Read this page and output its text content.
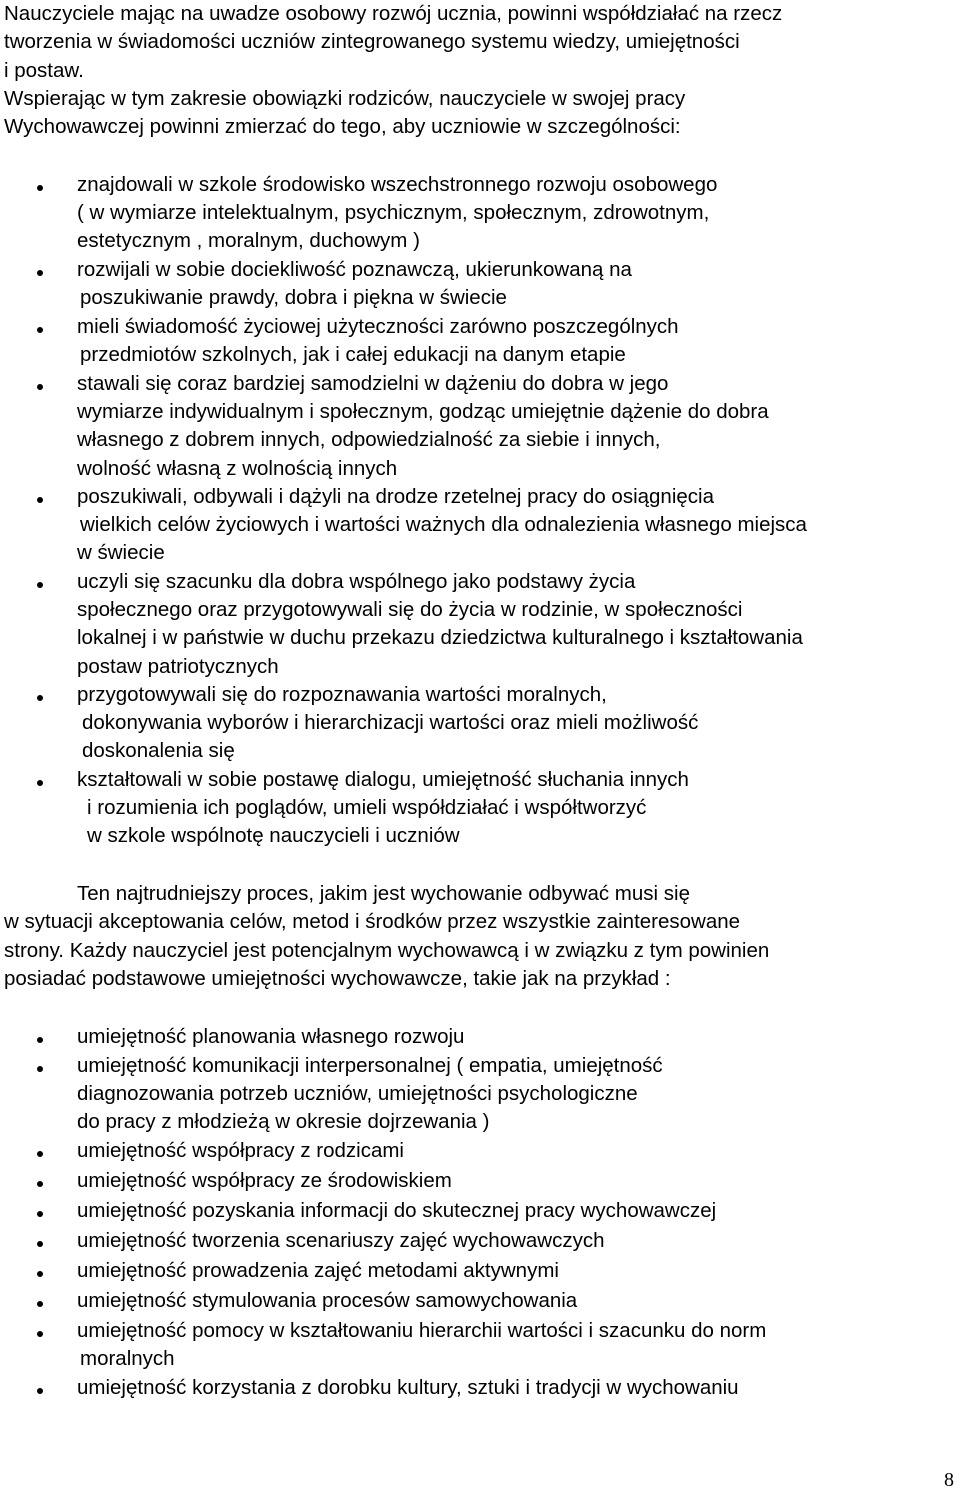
Nauczyciele mając na uwadze osobowy rozwój ucznia, powinni współdziałać na rzecz
tworzenia w świadomości uczniów zintegrowanego systemu wiedzy, umiejętności
i postaw.
Wspierając w tym zakresie obowiązki rodziców, nauczyciele w swojej pracy
Wychowawczej powinni zmierzać do tego, aby uczniowie w szczególności:
znajdowali w szkole środowisko wszechstronnego rozwoju osobowego
( w wymiarze intelektualnym, psychicznym, społecznym, zdrowotnym,
estetycznym , moralnym, duchowym )
rozwijali w sobie dociekliwość poznawczą, ukierunkowaną na
poszukiwanie prawdy, dobra i piękna w świecie
mieli świadomość życiowej użyteczności zarówno poszczególnych
przedmiotów szkolnych, jak i całej edukacji na danym etapie
stawali się coraz bardziej samodzielni w dążeniu do dobra w jego
wymiarze indywidualnym i społecznym, godząc umiejętnie dążenie do dobra
własnego z dobrem innych, odpowiedzialność za siebie i innych,
wolność własną z wolnością innych
poszukiwali, odbywali i dążyli na drodze rzetelnej pracy do osiągnięcia
wielkich celów życiowych i wartości ważnych dla odnalezienia własnego miejsca
w świecie
uczyli się szacunku dla dobra wspólnego jako podstawy życia
społecznego oraz przygotowywali się do życia w rodzinie, w społeczności
lokalnej i w państwie w duchu przekazu dziedzictwa kulturalnego i kształtowania
postaw patriotycznych
przygotowywali się do rozpoznawania wartości moralnych,
dokonywania wyborów i hierarchizacji wartości oraz mieli możliwość
doskonalenia się
kształtowali w sobie postawę dialogu, umiejętność słuchania innych
i rozumienia ich poglądów, umieli współdziałać i współtworzyć
w szkole wspólnotę nauczycieli i uczniów
Ten najtrudniejszy proces, jakim jest wychowanie odbywać musi się
w sytuacji akceptowania celów, metod i środków przez wszystkie zainteresowane
strony. Każdy nauczyciel jest potencjalnym wychowawcą i w związku z tym powinien
posiadać podstawowe umiejętności wychowawcze, takie jak na przykład :
umiejętność planowania własnego rozwoju
umiejętność komunikacji interpersonalnej ( empatia, umiejętność
diagnozowania potrzeb uczniów, umiejętności psychologiczne
do pracy z młodzieżą w okresie dojrzewania )
umiejętność współpracy z rodzicami
umiejętność współpracy ze środowiskiem
umiejętność pozyskania informacji do skutecznej pracy wychowawczej
umiejętność tworzenia scenariuszy zajęć wychowawczych
umiejętność prowadzenia zajęć metodami aktywnymi
umiejętność stymulowania procesów samowychowania
umiejętność pomocy w kształtowaniu hierarchii wartości i szacunku do norm
moralnych
umiejętność korzystania z dorobku kultury, sztuki i tradycji w wychowaniu
8
